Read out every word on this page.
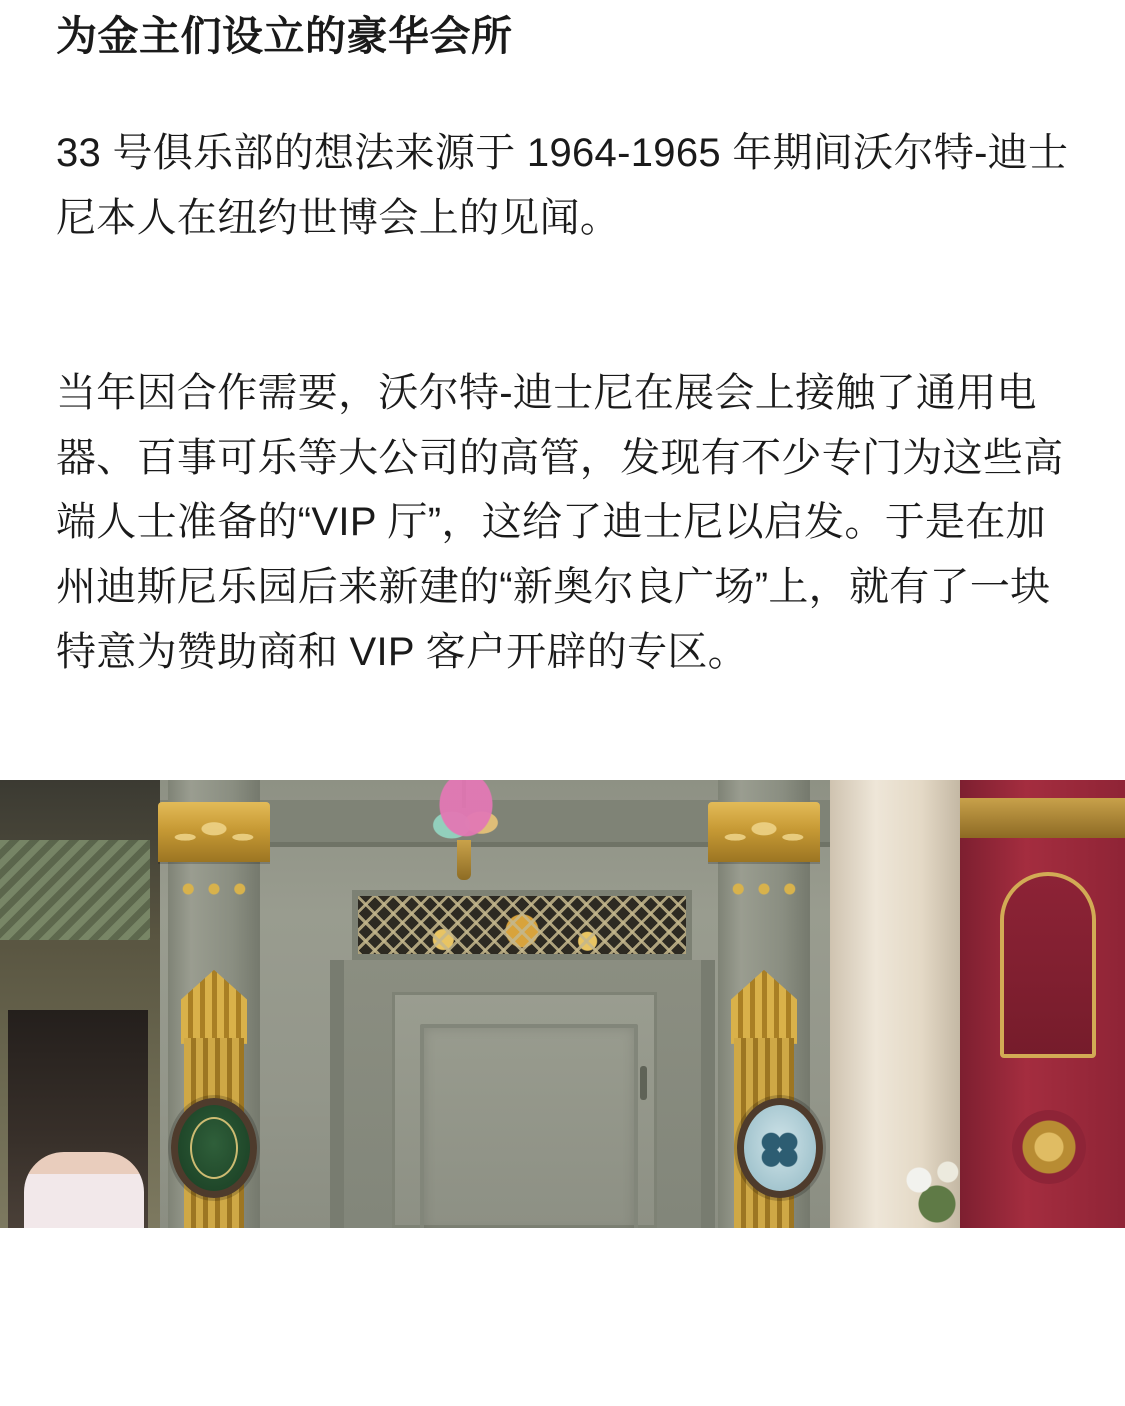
为金主们设立的豪华会所

33 号俱乐部的想法来源于 1964-1965 年期间沃尔特-迪士尼本人在纽约世博会上的见闻。

当年因合作需要，沃尔特-迪士尼在展会上接触了通用电器、百事可乐等大公司的高管，发现有不少专门为这些高端人士准备的“VIP 厅”，这给了迪士尼以启发。于是在加州迪斯尼乐园后来新建的“新奥尔良广场”上，就有了一块特意为赞助商和 VIP 客户开辟的专区。
